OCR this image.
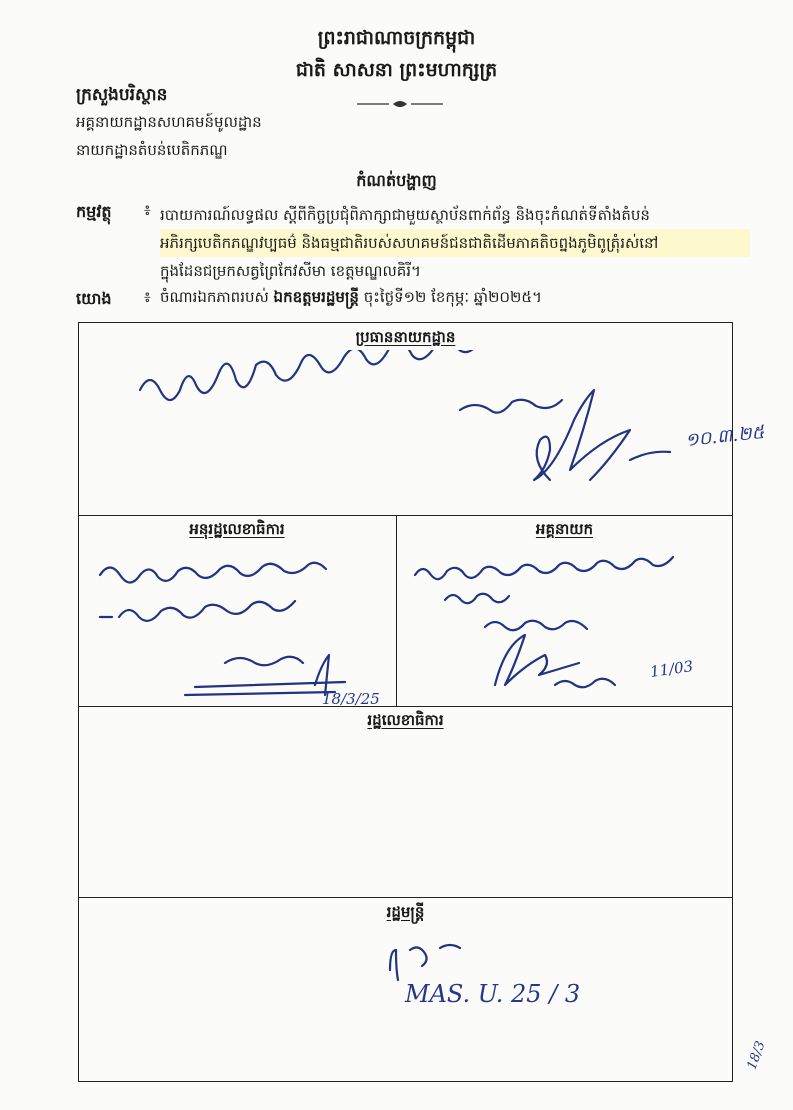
ព្រះរាជាណាចក្រកម្ពុជា
ជាតិ សាសនា ព្រះមហាក្សត្រ
ក្រសួងបរិស្ថាន
អគ្គនាយកដ្ឋានសហគមន៍មូលដ្ឋាន
នាយកដ្ឋានតំបន់បេតិកភណ្ឌ
កំណត់បង្ហាញ
កម្មវត្ថុ ៖ របាយការណ៍លទ្ធផល ស្តីពីកិច្ចប្រជុំពិភាក្សាជាមួយស្ថាប័នពាក់ព័ន្ធ និងចុះកំណត់ទីតាំងតំបន់
អភិរក្សបេតិកភណ្ឌវប្បធម៌ និងធម្មជាតិរបស់សហគមន៍ជនជាតិដើមភាគតិចព្នងភូមិពូត្រុំរស់នៅ
ក្នុងដែនជម្រកសត្វព្រៃកែវសីមា ខេត្តមណ្ឌលគិរី។
យោង ៖ ចំណារឯកភាពរបស់ ឯកឧត្តមរដ្ឋមន្ត្រី ចុះថ្ងៃទី១២ ខែកុម្ភៈ ឆ្នាំ២០២៥។
ប្រធាននាយកដ្ឋាន
១០.៣.២៥
អនុរដ្ឋលេខាធិការ
18/3/25
អគ្គនាយក
11/03
រដ្ឋលេខាធិការ
រដ្ឋមន្ត្រី
MAS. U. 25 / 3
18/3
